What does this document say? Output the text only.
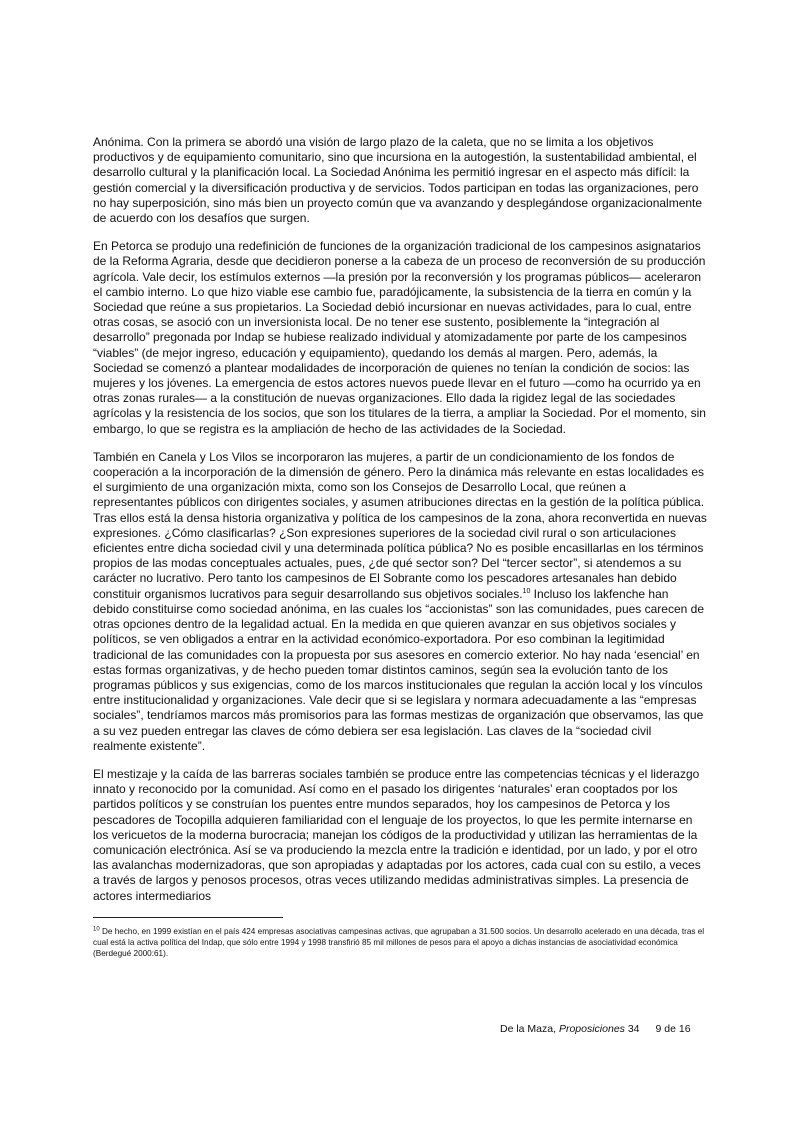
Anónima. Con la primera se abordó una visión de largo plazo de la caleta, que no se limita a los objetivos productivos y de equipamiento comunitario, sino que incursiona en la autogestión, la sustentabilidad ambiental, el desarrollo cultural y la planificación local. La Sociedad Anónima les permitió ingresar en el aspecto más difícil: la gestión comercial y la diversificación productiva y de servicios. Todos participan en todas las organizaciones, pero no hay superposición, sino más bien un proyecto común que va avanzando y desplegándose organizacionalmente de acuerdo con los desafíos que surgen.

En Petorca se produjo una redefinición de funciones de la organización tradicional de los campesinos asignatarios de la Reforma Agraria, desde que decidieron ponerse a la cabeza de un proceso de reconversión de su producción agrícola. Vale decir, los estímulos externos —la presión por la reconversión y los programas públicos— aceleraron el cambio interno. Lo que hizo viable ese cambio fue, paradójicamente, la subsistencia de la tierra en común y la Sociedad que reúne a sus propietarios. La Sociedad debió incursionar en nuevas actividades, para lo cual, entre otras cosas, se asoció con un inversionista local. De no tener ese sustento, posiblemente la “integración al desarrollo” pregonada por Indap se hubiese realizado individual y atomizadamente por parte de los campesinos “viables” (de mejor ingreso, educación y equipamiento), quedando los demás al margen. Pero, además, la Sociedad se comenzó a plantear modalidades de incorporación de quienes no tenían la condición de socios: las mujeres y los jóvenes. La emergencia de estos actores nuevos puede llevar en el futuro —como ha ocurrido ya en otras zonas rurales— a la constitución de nuevas organizaciones. Ello dada la rigidez legal de las sociedades agrícolas y la resistencia de los socios, que son los titulares de la tierra, a ampliar la Sociedad. Por el momento, sin embargo, lo que se registra es la ampliación de hecho de las actividades de la Sociedad.

También en Canela y Los Vilos se incorporaron las mujeres, a partir de un condicionamiento de los fondos de cooperación a la incorporación de la dimensión de género. Pero la dinámica más relevante en estas localidades es el surgimiento de una organización mixta, como son los Consejos de Desarrollo Local, que reúnen a representantes públicos con dirigentes sociales, y asumen atribuciones directas en la gestión de la política pública. Tras ellos está la densa historia organizativa y política de los campesinos de la zona, ahora reconvertida en nuevas expresiones. ¿Cómo clasificarlas? ¿Son expresiones superiores de la sociedad civil rural o son articulaciones eficientes entre dicha sociedad civil y una determinada política pública? No es posible encasillarlas en los términos propios de las modas conceptuales actuales, pues, ¿de qué sector son? Del “tercer sector”, si atendemos a su carácter no lucrativo. Pero tanto los campesinos de El Sobrante como los pescadores artesanales han debido constituir organismos lucrativos para seguir desarrollando sus objetivos sociales.$^{10}$ Incluso los lakfenche han debido constituirse como sociedad anónima, en las cuales los “accionistas” son las comunidades, pues carecen de otras opciones dentro de la legalidad actual. En la medida en que quieren avanzar en sus objetivos sociales y políticos, se ven obligados a entrar en la actividad económico-exportadora. Por eso combinan la legitimidad tradicional de las comunidades con la propuesta por sus asesores en comercio exterior. No hay nada ‘esencial’ en estas formas organizativas, y de hecho pueden tomar distintos caminos, según sea la evolución tanto de los programas públicos y sus exigencias, como de los marcos institucionales que regulan la acción local y los vínculos entre institucionalidad y organizaciones. Vale decir que si se legislara y normara adecuadamente a las “empresas sociales”, tendríamos marcos más promisorios para las formas mestizas de organización que observamos, las que a su vez pueden entregar las claves de cómo debiera ser esa legislación. Las claves de la “sociedad civil realmente existente”.

El mestizaje y la caída de las barreras sociales también se produce entre las competencias técnicas y el liderazgo innato y reconocido por la comunidad. Así como en el pasado los dirigentes ‘naturales’ eran cooptados por los partidos políticos y se construían los puentes entre mundos separados, hoy los campesinos de Petorca y los pescadores de Tocopilla adquieren familiaridad con el lenguaje de los proyectos, lo que les permite internarse en los vericuetos de la moderna burocracia; manejan los códigos de la productividad y utilizan las herramientas de la comunicación electrónica. Así se va produciendo la mezcla entre la tradición e identidad, por un lado, y por el otro las avalanchas modernizadoras, que son apropiadas y adaptadas por los actores, cada cual con su estilo, a veces a través de largos y penosos procesos, otras veces utilizando medidas administrativas simples. La presencia de actores intermediarios

$^{10}$ De hecho, en 1999 existían en el país 424 empresas asociativas campesinas activas, que agrupaban a 31.500 socios. Un desarrollo acelerado en una década, tras el cual está la activa política del Indap, que sólo entre 1994 y 1998 transfirió 85 mil millones de pesos para el apoyo a dichas instancias de asociatividad económica (Berdegué 2000:61).

De la Maza, Proposiciones 34 9 de 16
